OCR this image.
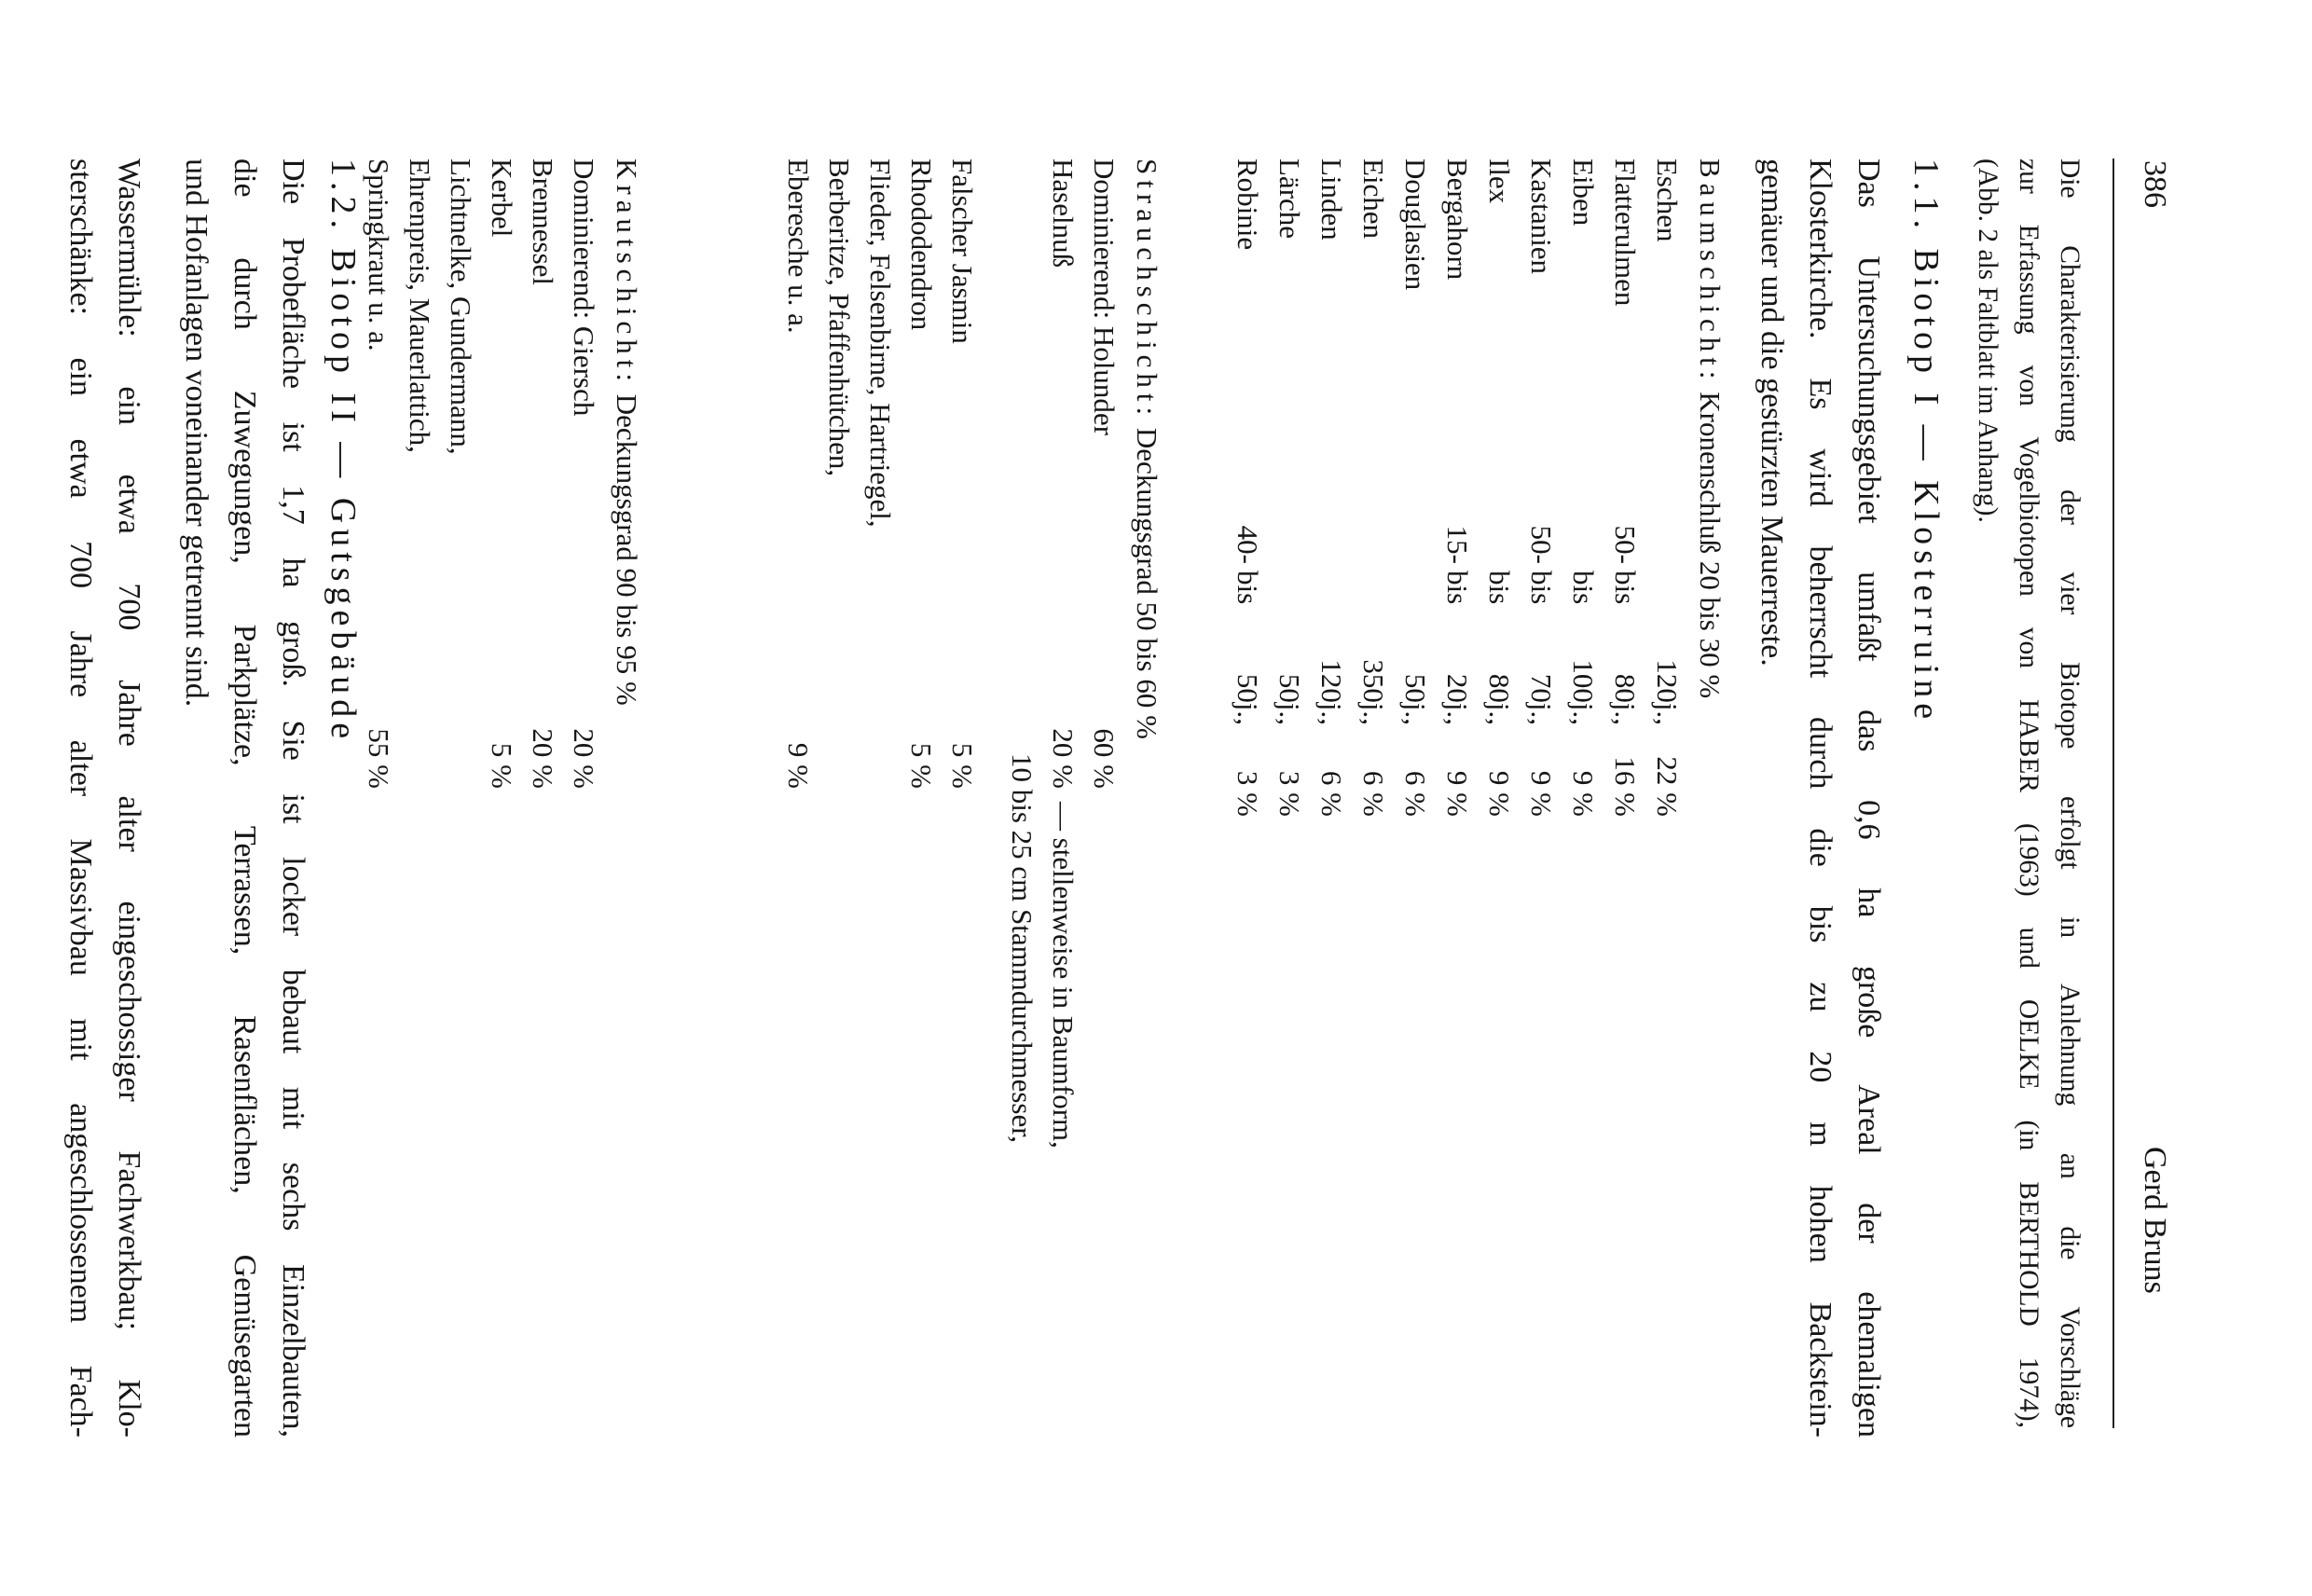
386
Gerd Bruns
Die Charakterisierung der vier Biotope erfolgt in Anlehnung an die Vorschläge
zur Erfassung von Vogelbiotopen von HABER (1963) und OELKE (in BERTHOLD 1974),
(Abb. 2 als Faltblatt im Anhang).
1.1. Biotop I — Klosterruine
Das Untersuchungsgebiet umfaßt das 0,6 ha große Areal der ehemaligen
Klosterkirche. Es wird beherrscht durch die bis zu 20 m hohen Backstein-
gemäuer und die gestürzten Mauerreste.
Baumschicht: Kronenschluß 20 bis 30 %
Eschen
120j.,
22 %
Flatterulmen
50-
bis
80j.,
16 %
Eiben
bis
100j.,
9 %
Kastanien
50-
bis
70j.,
9 %
Ilex
bis
80j.,
9 %
Bergahorn
15-
bis
20j.,
9 %
Douglasien
50j.,
6 %
Eichen
350j.,
6 %
Linden
120j.,
6 %
Lärche
50j.,
3 %
Robinie
40-
bis
50j.,
3 %
Strauchschicht: Deckungsgrad 50 bis 60 %
Dominierend: Holunder
60 %
Haselnuß
20 %
— stellenweise in Baumform,
10 bis 25 cm Stammdurchmesser,
Falscher Jasmin
5 %
Rhododendron
5 %
Flieder, Felsenbirne, Hartriegel,
Berberitze, Pfaffenhütchen,
Eberesche u. a.
9 %
Krautschicht: Deckungsgrad 90 bis 95 %
Dominierend: Giersch
20 %
Brennessel
20 %
Kerbel
5 %
Lichtnelke, Gundermann,
Ehrenpreis, Mauerlattich,
Springkraut u. a.
55 %
1.2. Biotop II — Gutsgebäude
Die Probefläche ist 1,7 ha groß. Sie ist locker bebaut mit sechs Einzelbauten,
die durch Zuwegungen, Parkplätze, Terrassen, Rasenflächen, Gemüsegarten
und Hofanlagen voneinander getrennt sind.
Wassermühle: ein etwa 700 Jahre alter eingeschossiger Fachwerkbau; Klo-
sterschänke: ein etwa 700 Jahre alter Massivbau mit angeschlossenem Fach-
